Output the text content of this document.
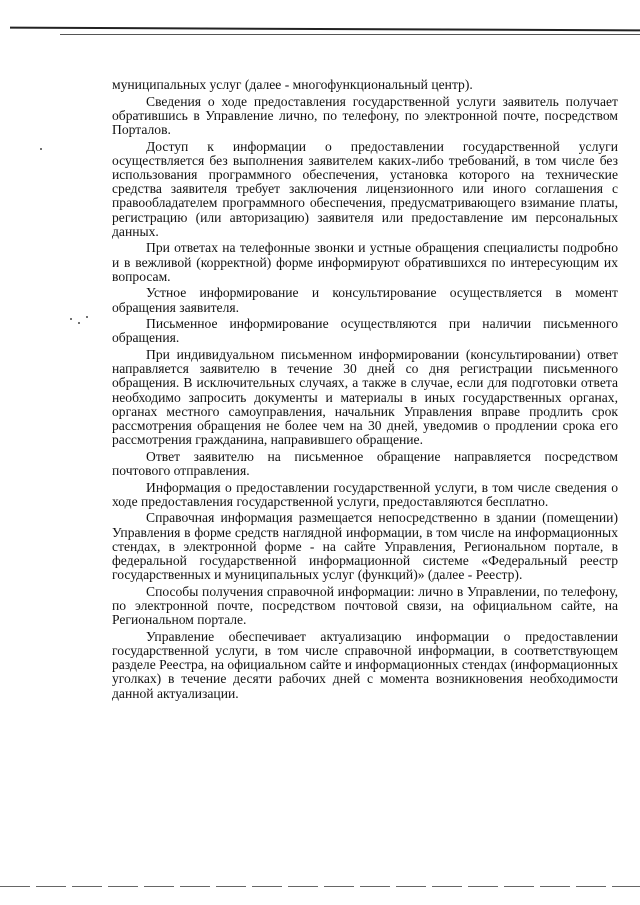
муниципальных услуг (далее - многофункциональный центр).

Сведения о ходе предоставления государственной услуги заявитель получает обратившись в Управление лично, по телефону, по электронной почте, посредством Порталов.

Доступ к информации о предоставлении государственной услуги осуществляется без выполнения заявителем каких-либо требований, в том числе без использования программного обеспечения, установка которого на технические средства заявителя требует заключения лицензионного или иного соглашения с правообладателем программного обеспечения, предусматривающего взимание платы, регистрацию (или авторизацию) заявителя или предоставление им персональных данных.

При ответах на телефонные звонки и устные обращения специалисты подробно и в вежливой (корректной) форме информируют обратившихся по интересующим их вопросам.

Устное информирование и консультирование осуществляется в момент обращения заявителя.

Письменное информирование осуществляются при наличии письменного обращения.

При индивидуальном письменном информировании (консультировании) ответ направляется заявителю в течение 30 дней со дня регистрации письменного обращения. В исключительных случаях, а также в случае, если для подготовки ответа необходимо запросить документы и материалы в иных государственных органах, органах местного самоуправления, начальник Управления вправе продлить срок рассмотрения обращения не более чем на 30 дней, уведомив о продлении срока его рассмотрения гражданина, направившего обращение.

Ответ заявителю на письменное обращение направляется посредством почтового отправления.

Информация о предоставлении государственной услуги, в том числе сведения о ходе предоставления государственной услуги, предоставляются бесплатно.

Справочная информация размещается непосредственно в здании (помещении) Управления в форме средств наглядной информации, в том числе на информационных стендах, в электронной форме - на сайте Управления, Региональном портале, в федеральной государственной информационной системе «Федеральный реестр государственных и муниципальных услуг (функций)» (далее - Реестр).

Способы получения справочной информации: лично в Управлении, по телефону, по электронной почте, посредством почтовой связи, на официальном сайте, на Региональном портале.

Управление обеспечивает актуализацию информации о предоставлении государственной услуги, в том числе справочной информации, в соответствующем разделе Реестра, на официальном сайте и информационных стендах (информационных уголках) в течение десяти рабочих дней с момента возникновения необходимости данной актуализации.
